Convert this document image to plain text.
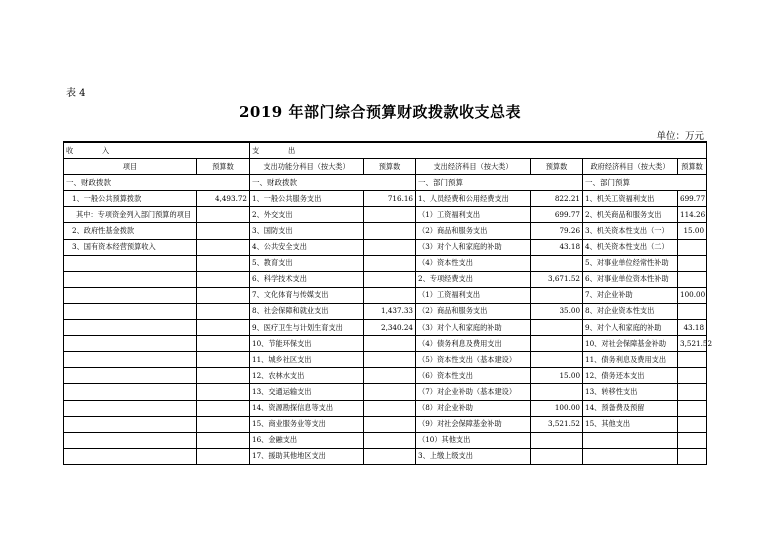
表 4
2019 年部门综合预算财政拨款收支总表
单位：万元
收　　　　入		支　　　　出					
项目	预算数	支出功能分科目（按大类）	预算数	支出经济科目（按大类）	预算数	政府经济科目（按大类）	预算数
一、财政拨款		一、财政拨款		一、部门预算		一、部门预算	
1、一般公共预算拨款	4,493.72	1、一般公共服务支出	716.16	1、人员经费和公用经费支出	822.21	1、机关工资福利支出	699.77
其中：专项资金列入部门预算的项目		2、外交支出		（1）工资福利支出	699.77	2、机关商品和服务支出	114.26
2、政府性基金拨款		3、国防支出		（2）商品和服务支出	79.26	3、机关资本性支出（一）	15.00
3、国有资本经营预算收入		4、公共安全支出		（3）对个人和家庭的补助	43.18	4、机关资本性支出（二）	
		5、教育支出		（4）资本性支出		5、对事业单位经常性补助	
		6、科学技术支出		2、专项经费支出	3,671.52	6、对事业单位资本性补助	
		7、文化体育与传媒支出		（1）工资福利支出		7、对企业补助	100.00
		8、社会保障和就业支出	1,437.33	（2）商品和服务支出	35.00	8、对企业资本性支出	
		9、医疗卫生与计划生育支出	2,340.24	（3）对个人和家庭的补助		9、对个人和家庭的补助	43.18
		10、节能环保支出		（4）债务利息及费用支出		10、对社会保障基金补助	3,521.52
		11、城乡社区支出		（5）资本性支出（基本建设）		11、债务利息及费用支出	
		12、农林水支出		（6）资本性支出	15.00	12、债务还本支出	
		13、交通运输支出		（7）对企业补助（基本建设）		13、转移性支出	
		14、资源勘探信息等支出		（8）对企业补助	100.00	14、预备费及预留	
		15、商业服务业等支出		（9）对社会保障基金补助	3,521.52	15、其他支出	
		16、金融支出		（10）其他支出			
		17、援助其他地区支出		3、上缴上级支出			
